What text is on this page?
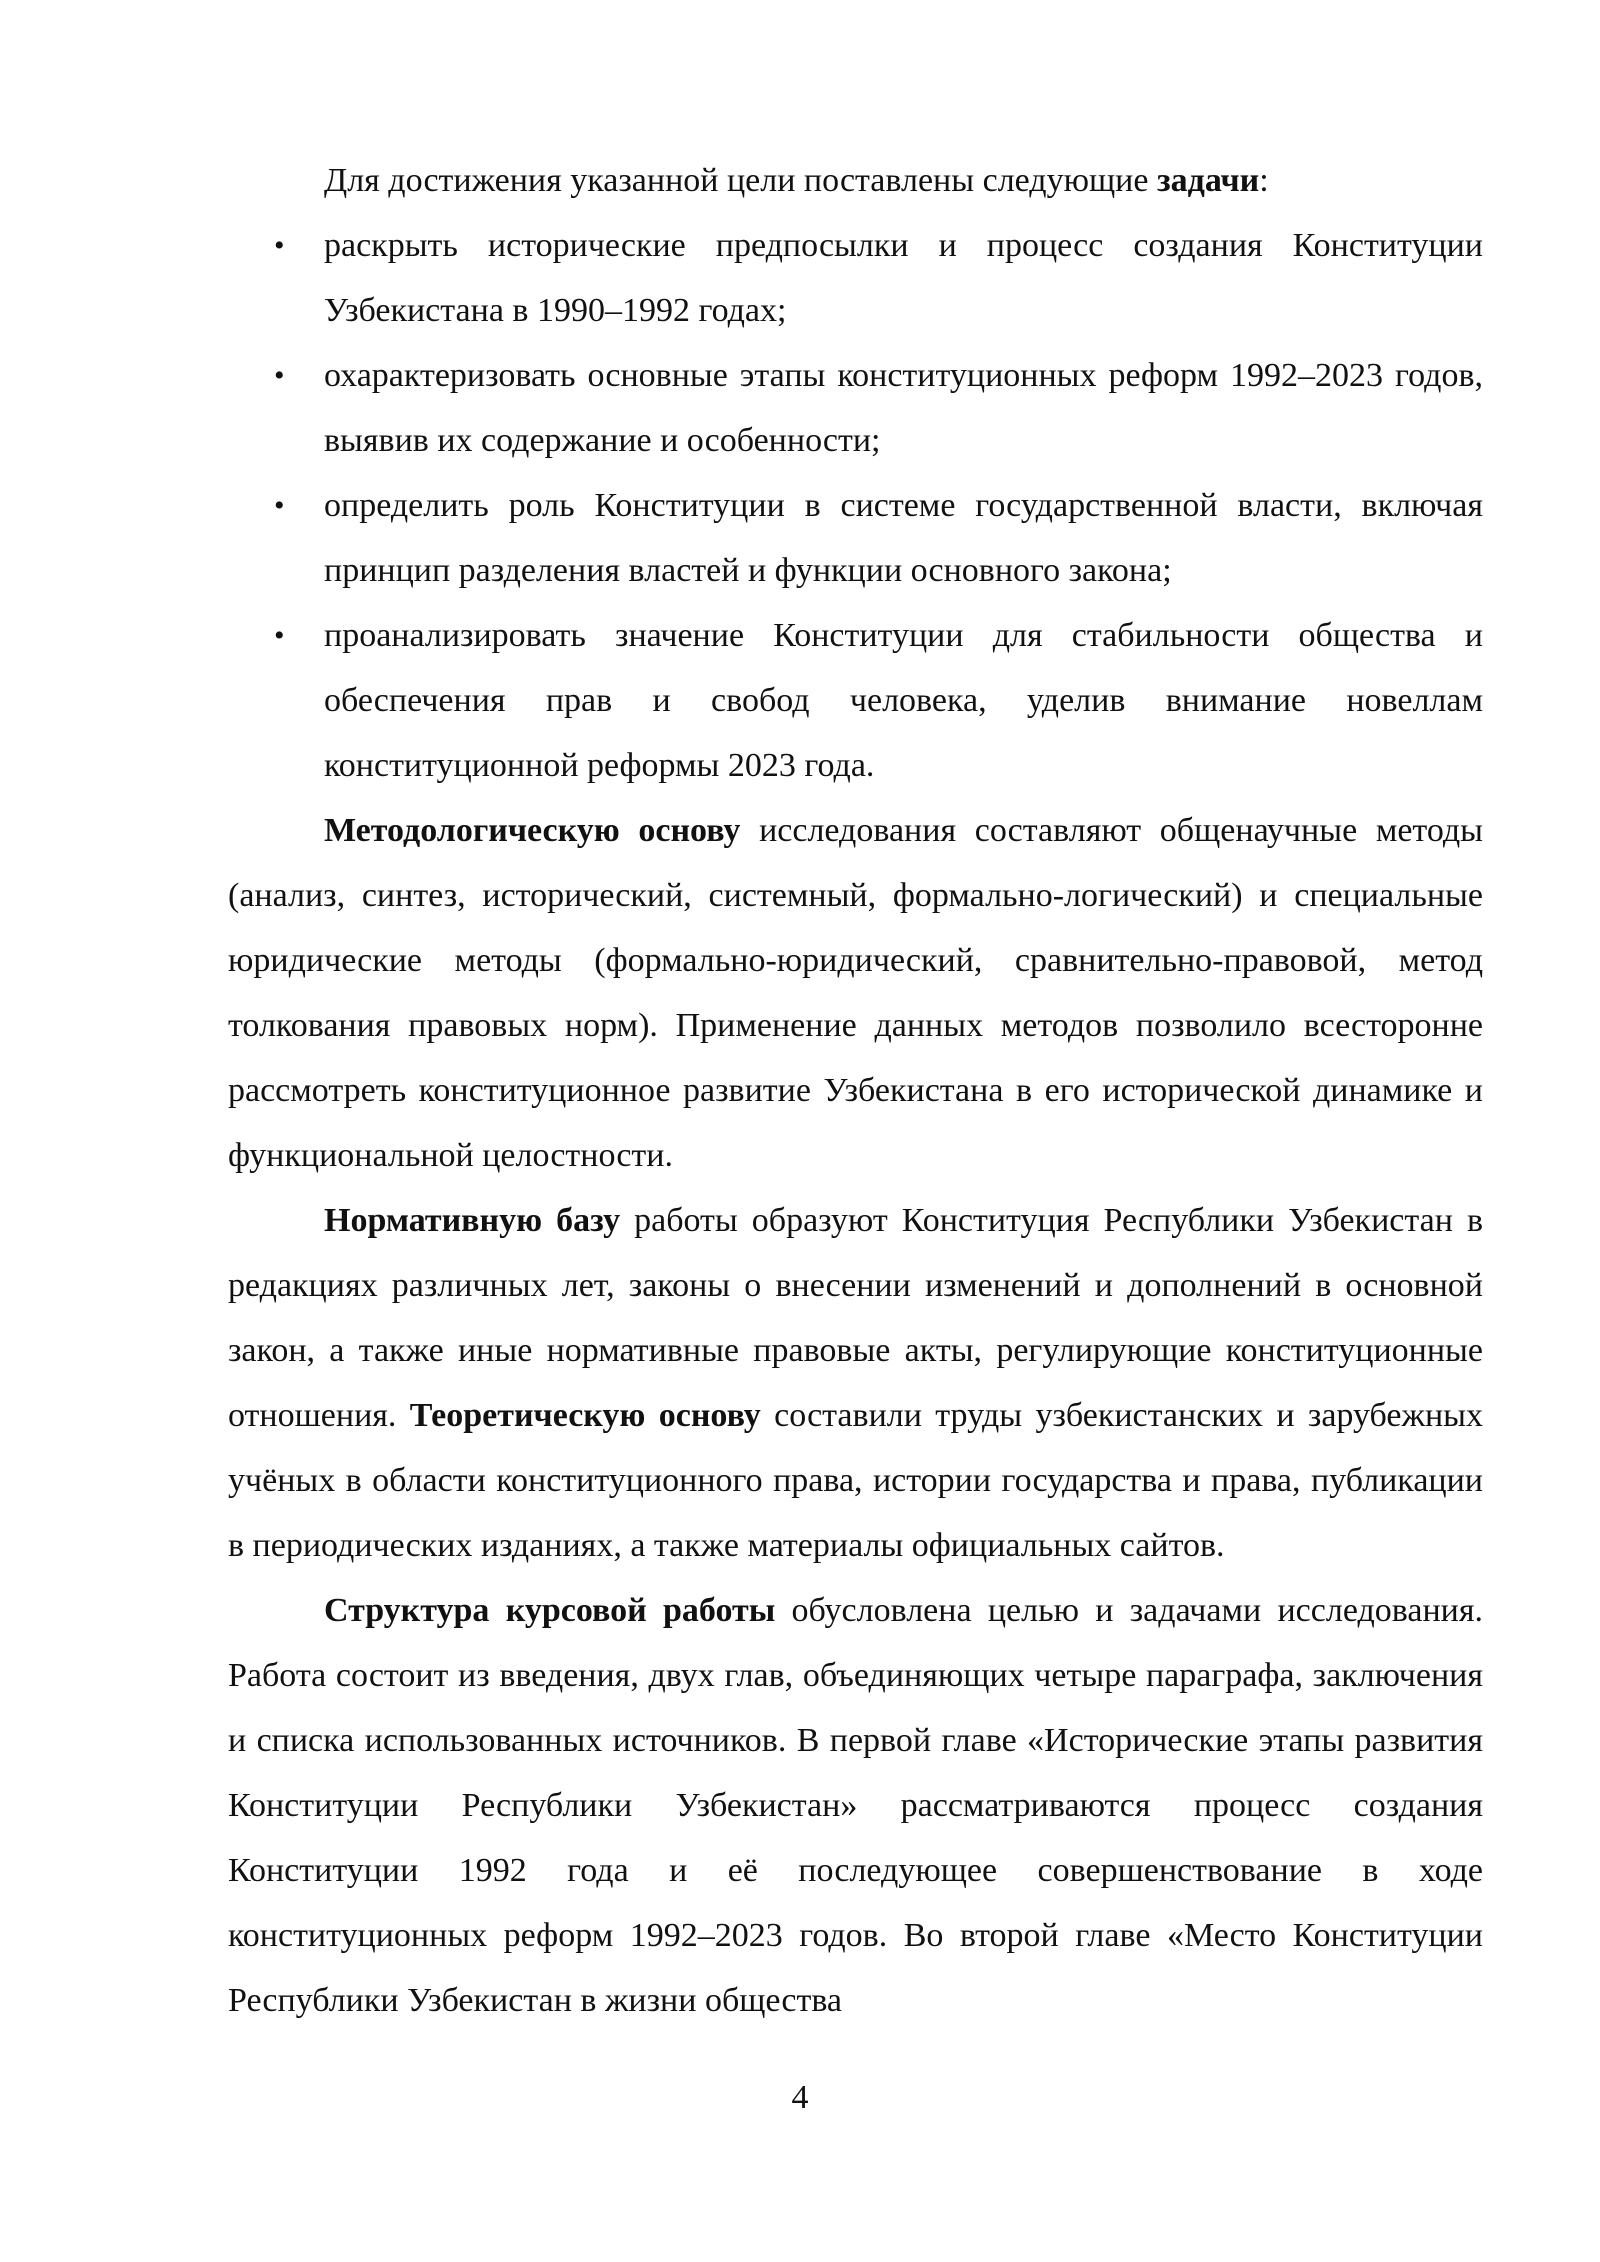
Для достижения указанной цели поставлены следующие задачи:

• раскрыть исторические предпосылки и процесс создания Конституции Узбекистана в 1990–1992 годах;
• охарактеризовать основные этапы конституционных реформ 1992–2023 годов, выявив их содержание и особенности;
• определить роль Конституции в системе государственной власти, включая принцип разделения властей и функции основного закона;
• проанализировать значение Конституции для стабильности общества и обеспечения прав и свобод человека, уделив внимание новеллам конституционной реформы 2023 года.

Методологическую основу исследования составляют общенаучные методы (анализ, синтез, исторический, системный, формально-логический) и специальные юридические методы (формально-юридический, сравнительно-правовой, метод толкования правовых норм). Применение данных методов позволило всесторонне рассмотреть конституционное развитие Узбекистана в его исторической динамике и функциональной целостности.

Нормативную базу работы образуют Конституция Республики Узбекистан в редакциях различных лет, законы о внесении изменений и дополнений в основной закон, а также иные нормативные правовые акты, регулирующие конституционные отношения. Теоретическую основу составили труды узбекистанских и зарубежных учёных в области конституционного права, истории государства и права, публикации в периодических изданиях, а также материалы официальных сайтов.

Структура курсовой работы обусловлена целью и задачами исследования. Работа состоит из введения, двух глав, объединяющих четыре параграфа, заключения и списка использованных источников. В первой главе «Исторические этапы развития Конституции Республики Узбекистан» рассматриваются процесс создания Конституции 1992 года и её последующее совершенствование в ходе конституционных реформ 1992–2023 годов. Во второй главе «Место Конституции Республики Узбекистан в жизни общества

4
